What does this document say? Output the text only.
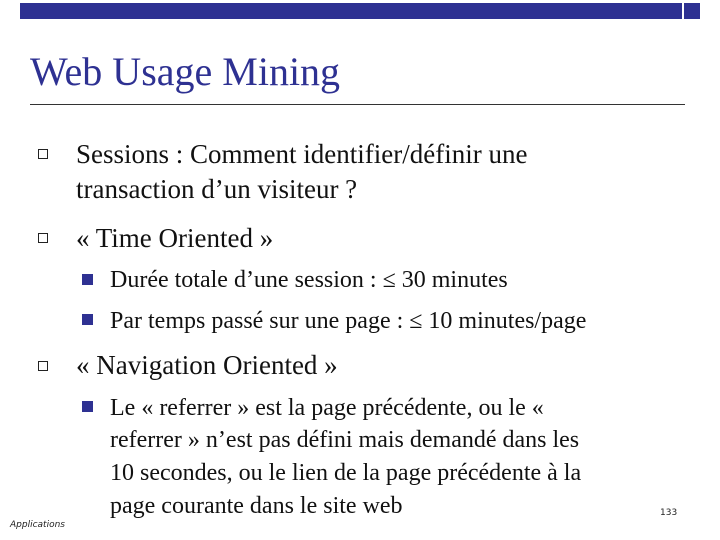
Web Usage Mining
Sessions : Comment identifier/définir une
transaction d’un visiteur ?
« Time Oriented »
Durée totale d’une session : ≤ 30 minutes
Par temps passé sur une page : ≤ 10 minutes/page
« Navigation Oriented »
Le « referrer » est la page précédente, ou le «
referrer » n’est pas défini mais demandé dans les
10 secondes, ou le lien de la page précédente à la
page courante dans le site web
Applications
133
